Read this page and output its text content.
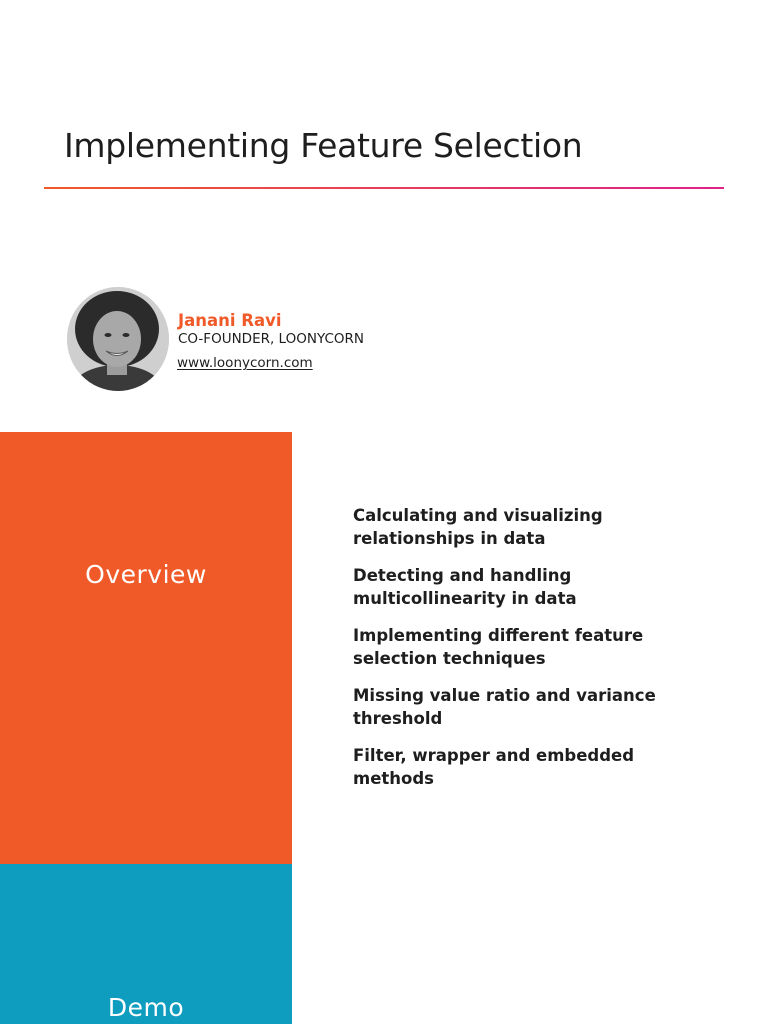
Implementing Feature Selection
Janani Ravi
CO-FOUNDER, LOONYCORN
www.loonycorn.com
Overview
Demo
Calculating and visualizing relationships in data
Detecting and handling multicollinearity in data
Implementing different feature selection techniques
Missing value ratio and variance threshold
Filter, wrapper and embedded methods
